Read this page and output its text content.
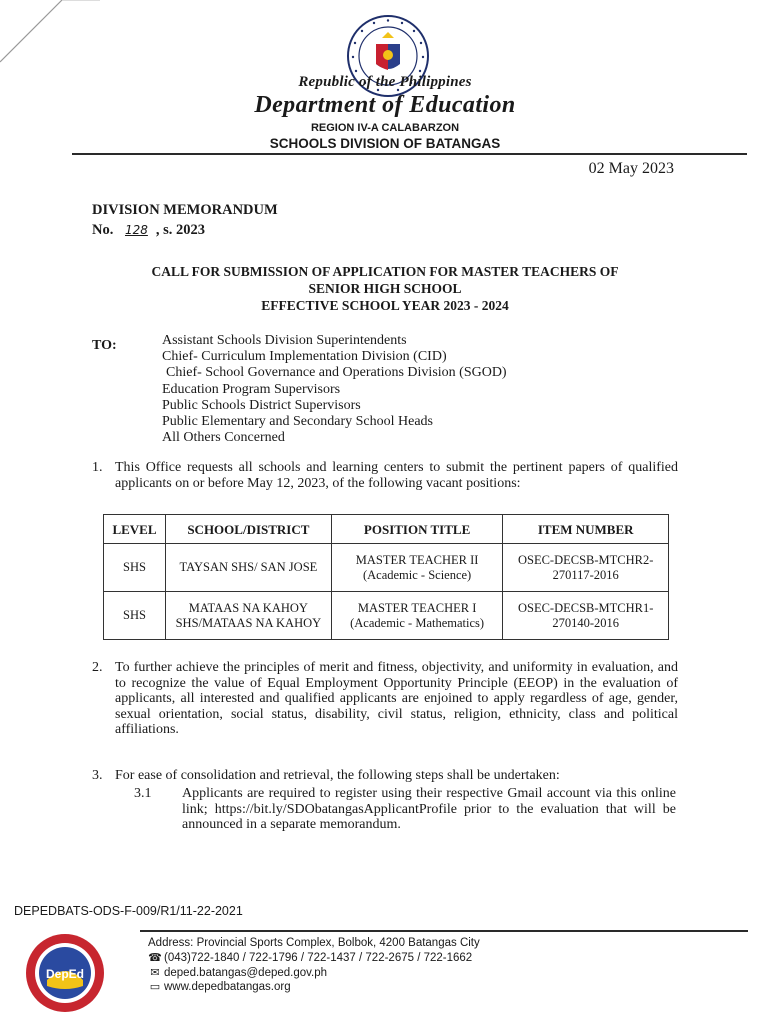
Republic of the Philippines
Department of Education
REGION IV-A CALABARZON
SCHOOLS DIVISION OF BATANGAS
02 May 2023
DIVISION MEMORANDUM
No. 128 , s. 2023
CALL FOR SUBMISSION OF APPLICATION FOR MASTER TEACHERS OF
SENIOR HIGH SCHOOL
EFFECTIVE SCHOOL YEAR 2023 - 2024
TO:	Assistant Schools Division Superintendents
Chief- Curriculum Implementation Division (CID)
Chief- School Governance and Operations Division (SGOD)
Education Program Supervisors
Public Schools District Supervisors
Public Elementary and Secondary School Heads
All Others Concerned
1. This Office requests all schools and learning centers to submit the pertinent papers of qualified applicants on or before May 12, 2023, of the following vacant positions:
LEVEL	SCHOOL/DISTRICT	POSITION TITLE	ITEM NUMBER
SHS	TAYSAN SHS/ SAN JOSE	MASTER TEACHER II (Academic - Science)	OSEC-DECSB-MTCHR2-270117-2016
SHS	MATAAS NA KAHOY SHS/MATAAS NA KAHOY	MASTER TEACHER I (Academic - Mathematics)	OSEC-DECSB-MTCHR1-270140-2016
2. To further achieve the principles of merit and fitness, objectivity, and uniformity in evaluation, and to recognize the value of Equal Employment Opportunity Principle (EEOP) in the evaluation of applicants, all interested and qualified applicants are enjoined to apply regardless of age, gender, sexual orientation, social status, disability, civil status, religion, ethnicity, class and political affiliations.
3. For ease of consolidation and retrieval, the following steps shall be undertaken:
3.1 Applicants are required to register using their respective Gmail account via this online link; https://bit.ly/SDObatangasApplicantProfile prior to the evaluation that will be announced in a separate memorandum.
DEPEDBATS-ODS-F-009/R1/11-22-2021
DepEd
Address: Provincial Sports Complex, Bolbok, 4200 Batangas City
☎ (043)722-1840 / 722-1796 / 722-1437 / 722-2675 / 722-1662
✉ deped.batangas@deped.gov.ph
▭ www.depedbatangas.org
